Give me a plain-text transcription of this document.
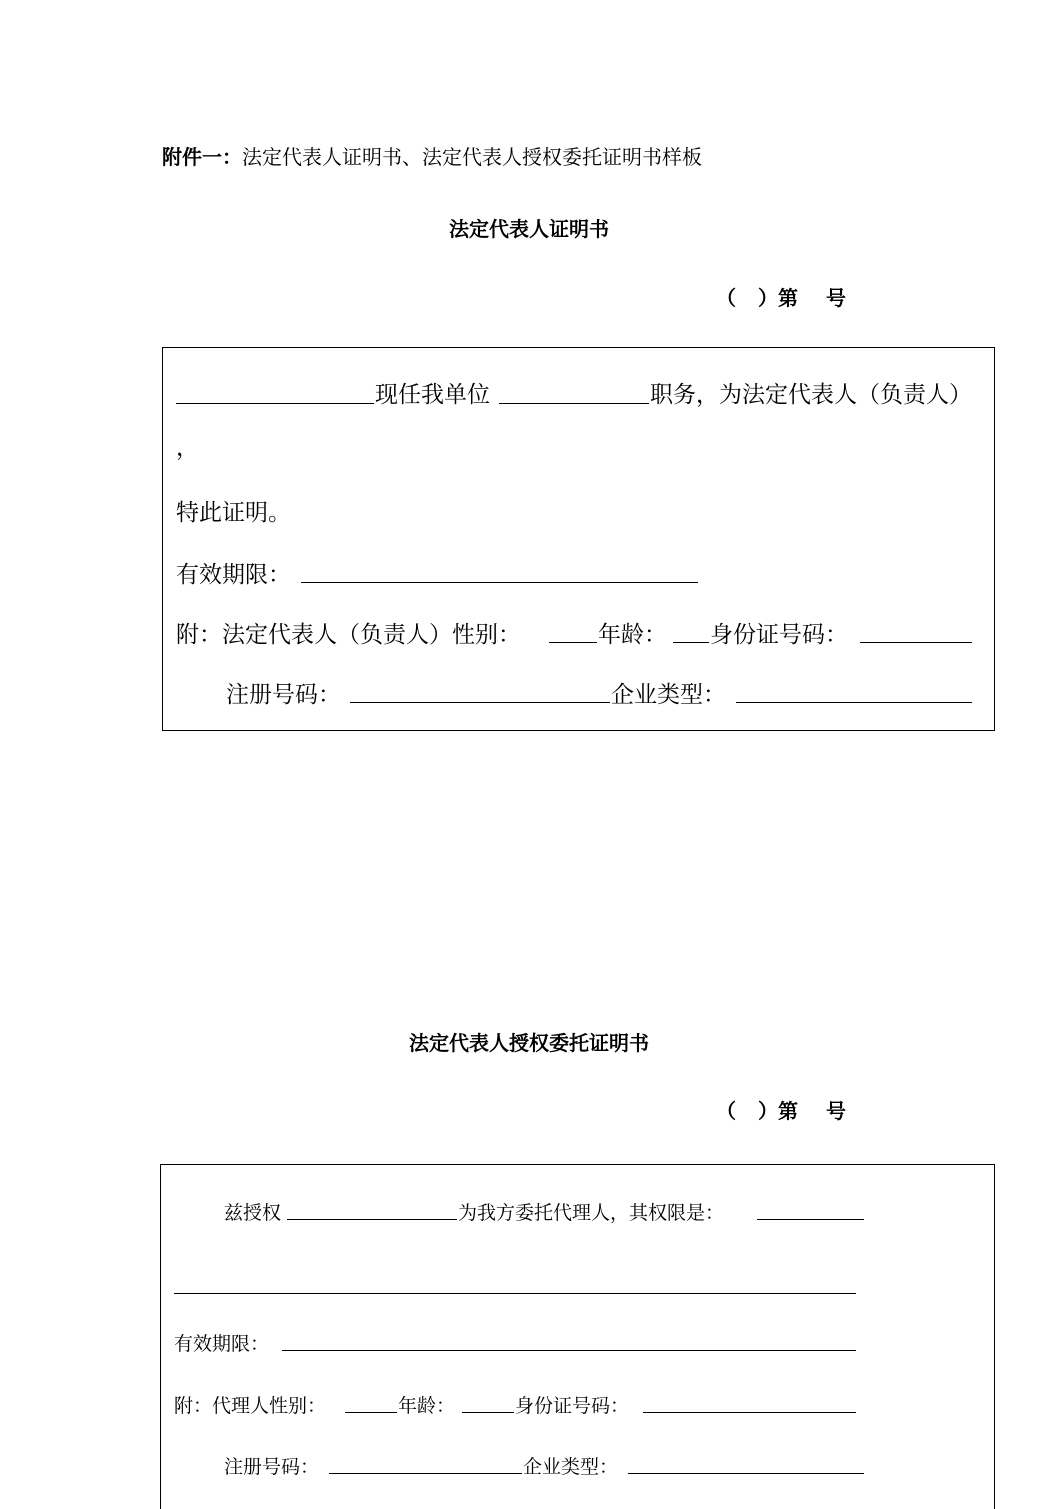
附件一：法定代表人证明书、法定代表人授权委托证明书样板
法定代表人证明书
（ ）第 号
现任我单位	职务，为法定代表人（负责人）
，
特此证明。
有效期限：
附：法定代表人（负责人）性别：	年龄： 身份证号码：
注册号码：	企业类型：
法定代表人授权委托证明书
（ ）第 号
兹授权	为我方委托代理人，其权限是：
有效期限：
附：代理人性别：	年龄：	身份证号码：
注册号码：	企业类型：
